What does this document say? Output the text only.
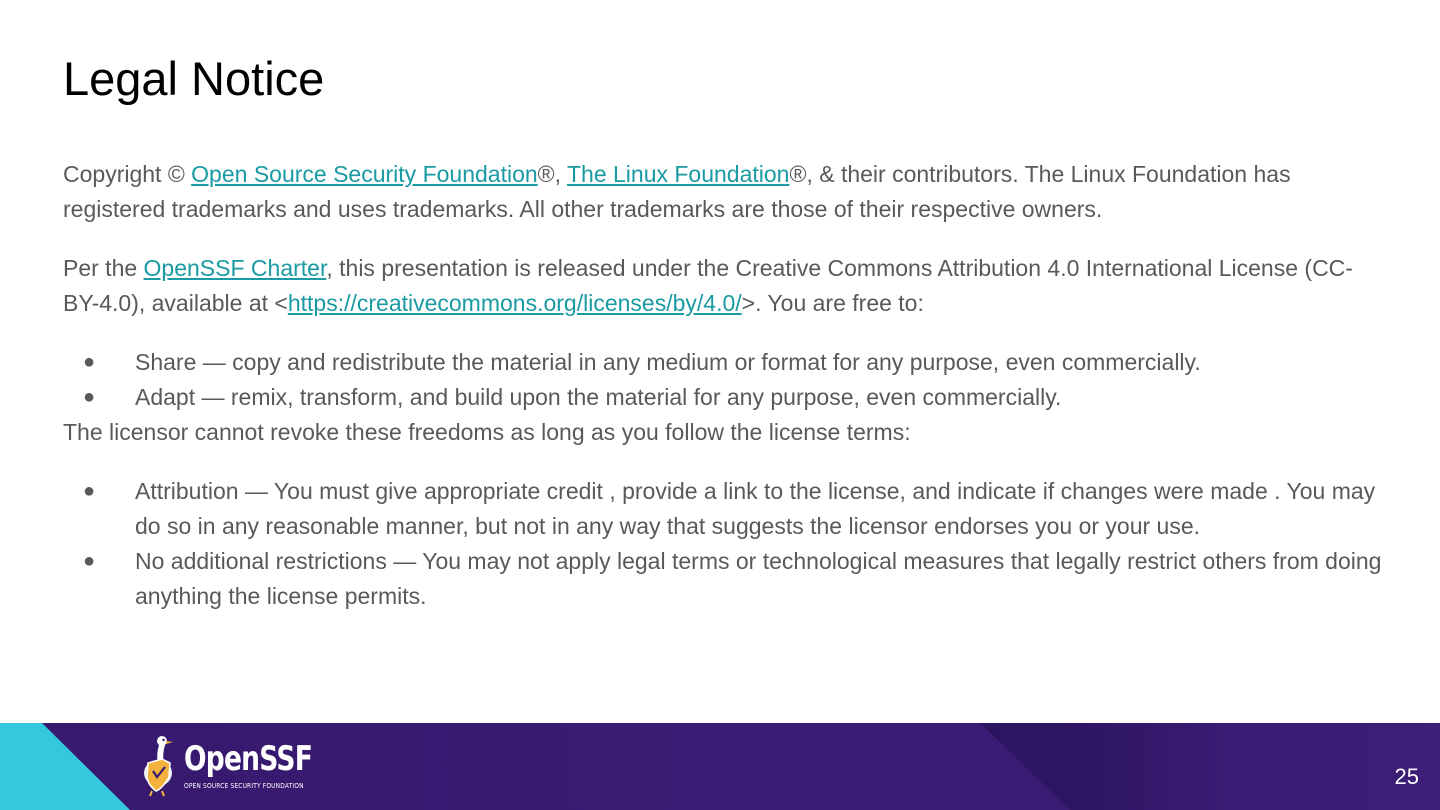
Legal Notice

Copyright © Open Source Security Foundation®, The Linux Foundation®, & their contributors. The Linux Foundation has registered trademarks and uses trademarks. All other trademarks are those of their respective owners.

Per the OpenSSF Charter, this presentation is released under the Creative Commons Attribution 4.0 International License (CC-BY-4.0), available at <https://creativecommons.org/licenses/by/4.0/>. You are free to:

● Share — copy and redistribute the material in any medium or format for any purpose, even commercially.
● Adapt — remix, transform, and build upon the material for any purpose, even commercially.

The licensor cannot revoke these freedoms as long as you follow the license terms:

● Attribution — You must give appropriate credit , provide a link to the license, and indicate if changes were made . You may do so in any reasonable manner, but not in any way that suggests the licensor endorses you or your use.
● No additional restrictions — You may not apply legal terms or technological measures that legally restrict others from doing anything the license permits.
OpenSSF
OPEN SOURCE SECURITY FOUNDATION	25
